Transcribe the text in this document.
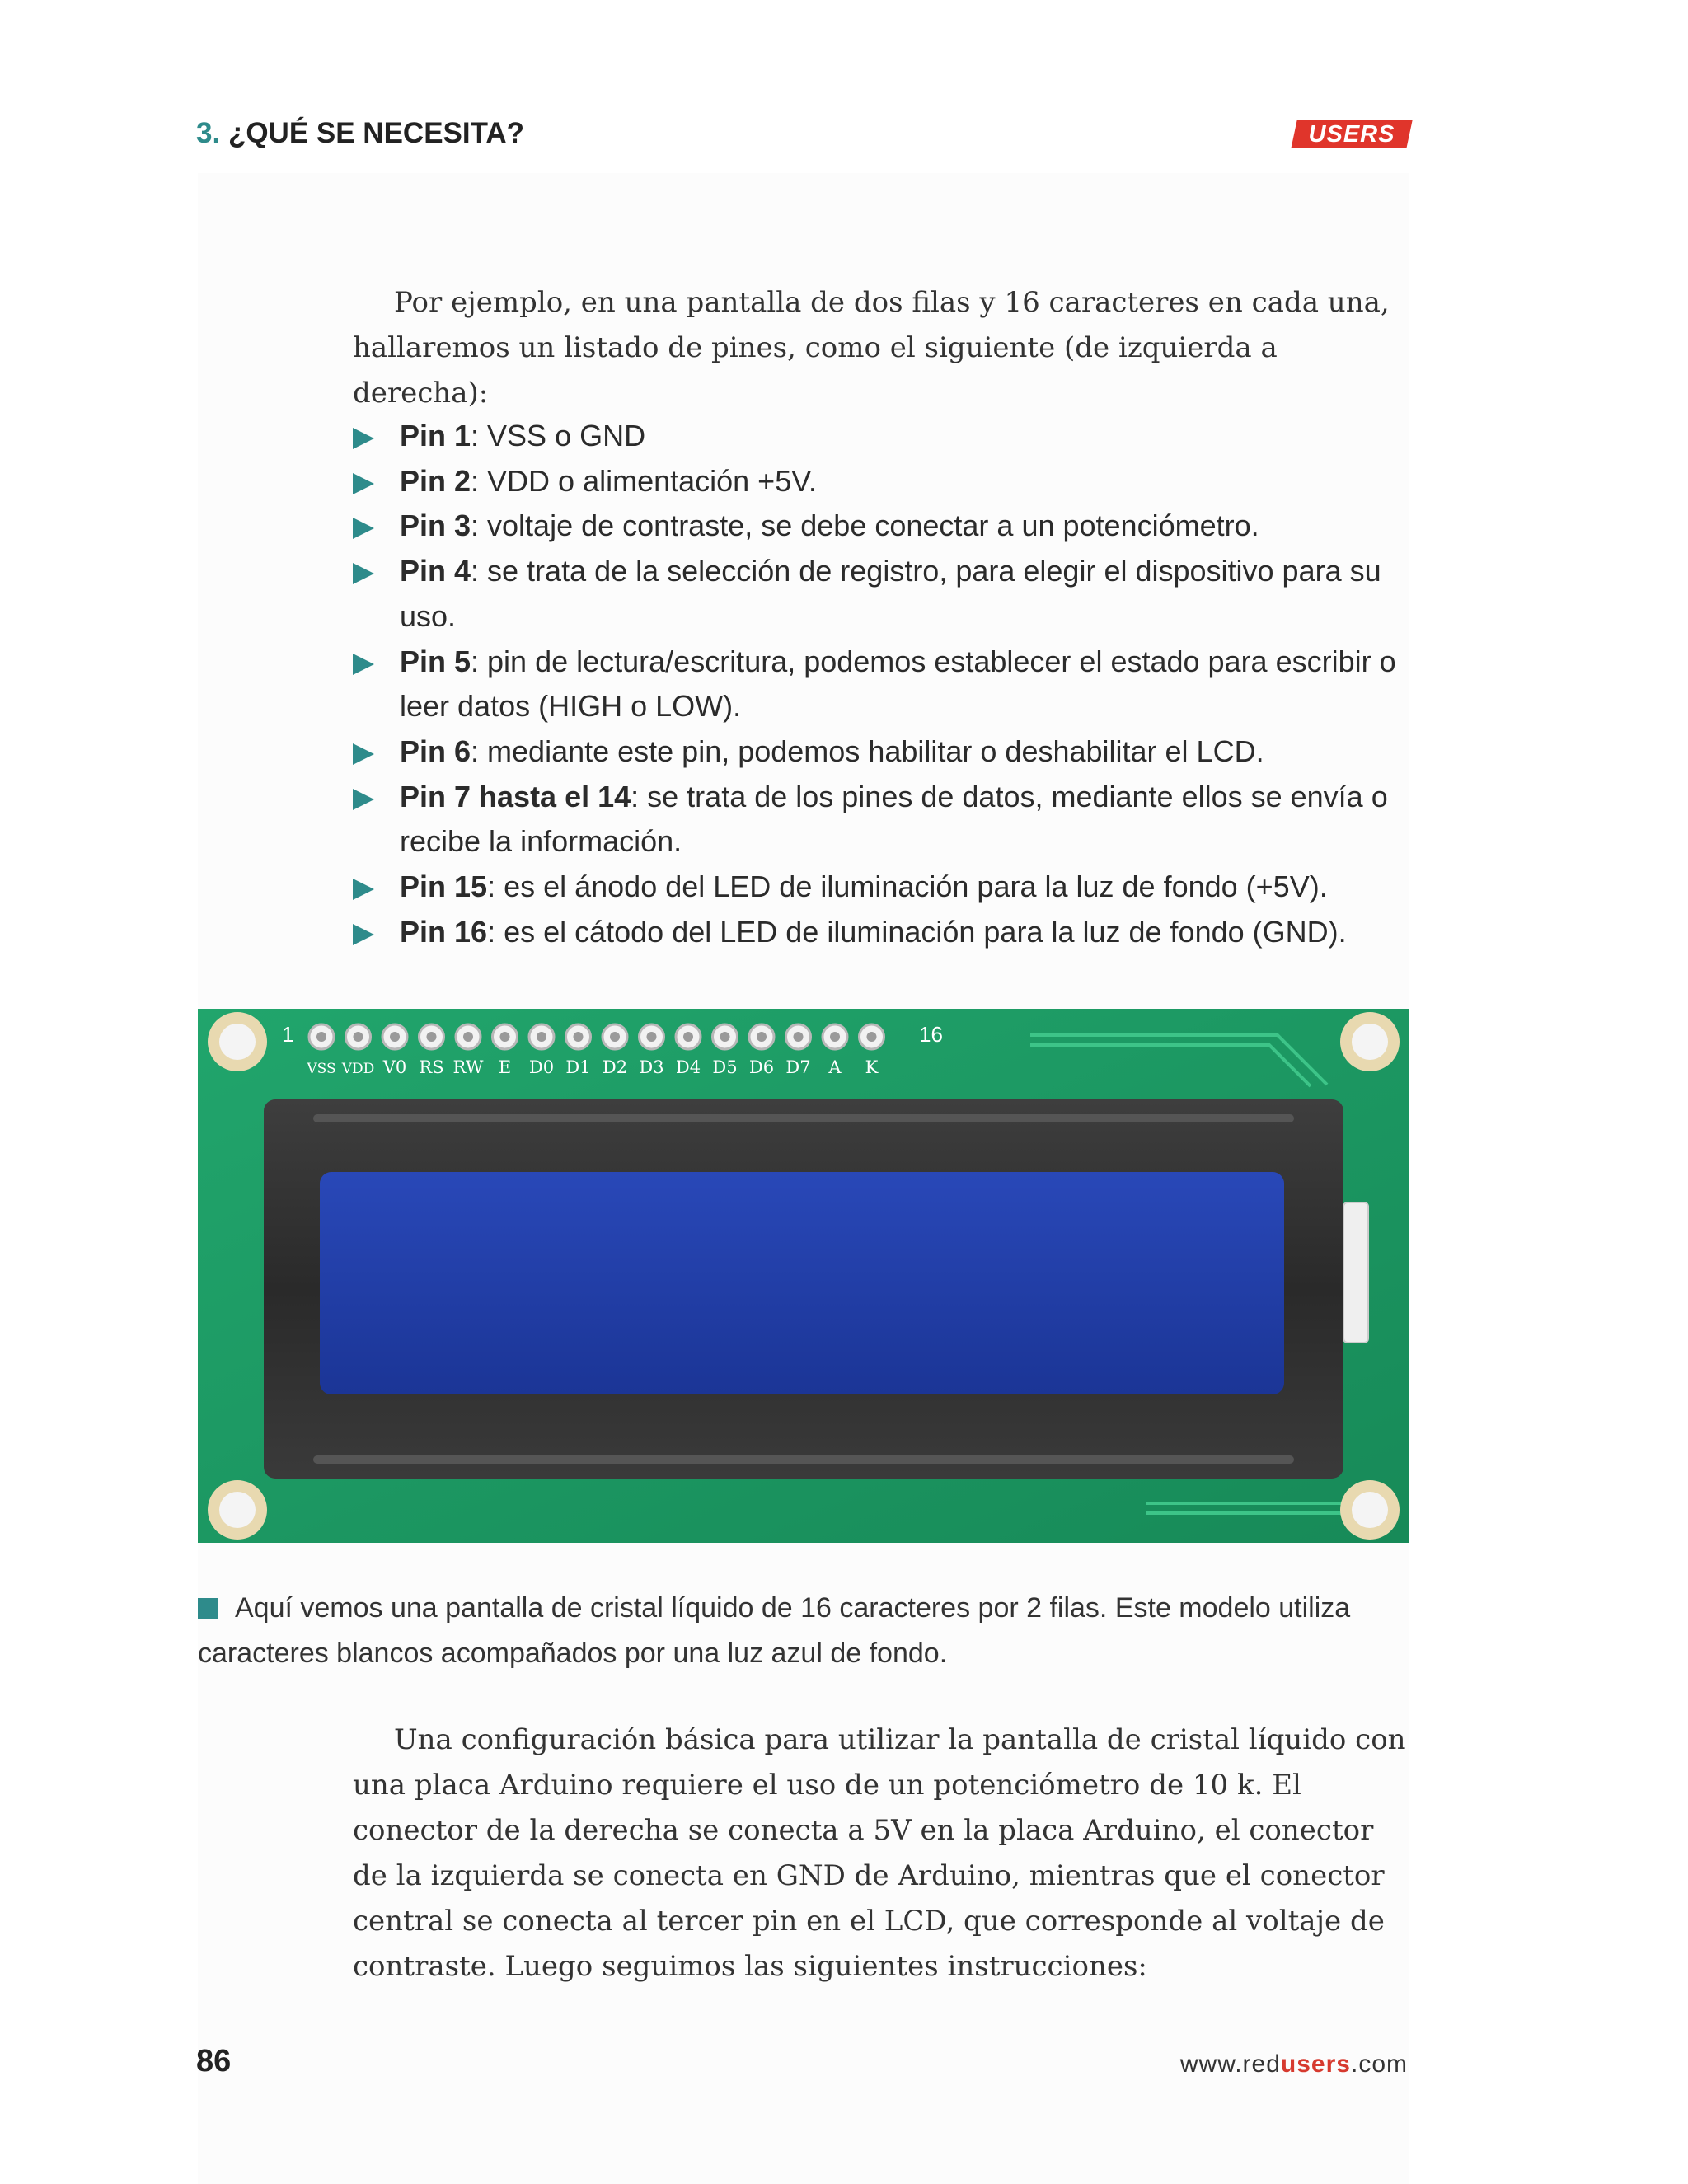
3. ¿QUÉ SE NECESITA?	USERS

Por ejemplo, en una pantalla de dos filas y 16 caracteres en cada una, hallaremos un listado de pines, como el siguiente (de izquierda a derecha):

Pin 1: VSS o GND
Pin 2: VDD o alimentación +5V.
Pin 3: voltaje de contraste, se debe conectar a un potenciómetro.
Pin 4: se trata de la selección de registro, para elegir el dispositivo para su uso.
Pin 5: pin de lectura/escritura, podemos establecer el estado para escribir o leer datos (HIGH o LOW).
Pin 6: mediante este pin, podemos habilitar o deshabilitar el LCD.
Pin 7 hasta el 14: se trata de los pines de datos, mediante ellos se envía o recibe la información.
Pin 15: es el ánodo del LED de iluminación para la luz de fondo (+5V).
Pin 16: es el cátodo del LED de iluminación para la luz de fondo (GND).
1	16
VSS VDD V0 RS RW E D0 D1 D2 D3 D4 D5 D6 D7 A K

Aquí vemos una pantalla de cristal líquido de 16 caracteres por 2 filas. Este modelo utiliza caracteres blancos acompañados por una luz azul de fondo.

Una configuración básica para utilizar la pantalla de cristal líquido con una placa Arduino requiere el uso de un potenciómetro de 10 k. El conector de la derecha se conecta a 5V en la placa Arduino, el conector de la izquierda se conecta en GND de Arduino, mientras que el conector central se conecta al tercer pin en el LCD, que corresponde al voltaje de contraste. Luego seguimos las siguientes instrucciones:

86	www.redusers.com
